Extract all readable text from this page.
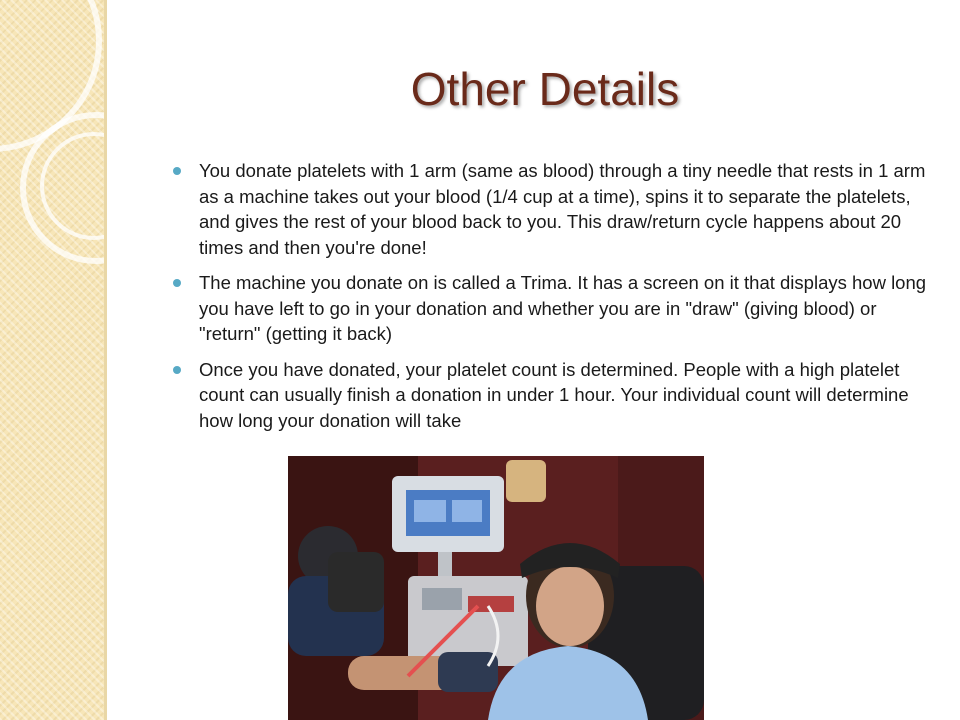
Other Details
You donate platelets with 1 arm (same as blood) through a tiny needle that rests in 1 arm as a machine takes out your blood (1/4 cup at a time), spins it to separate the platelets, and gives the rest of your blood back to you. This draw/return cycle happens about 20 times and then you're done!
The machine you donate on is called a Trima. It has a screen on it that displays how long you have left to go in your donation and whether you are in "draw" (giving blood) or "return" (getting it back)
Once you have donated, your platelet count is determined. People with a high platelet count can usually finish a donation in under 1 hour. Your individual count will determine how long your donation will take
